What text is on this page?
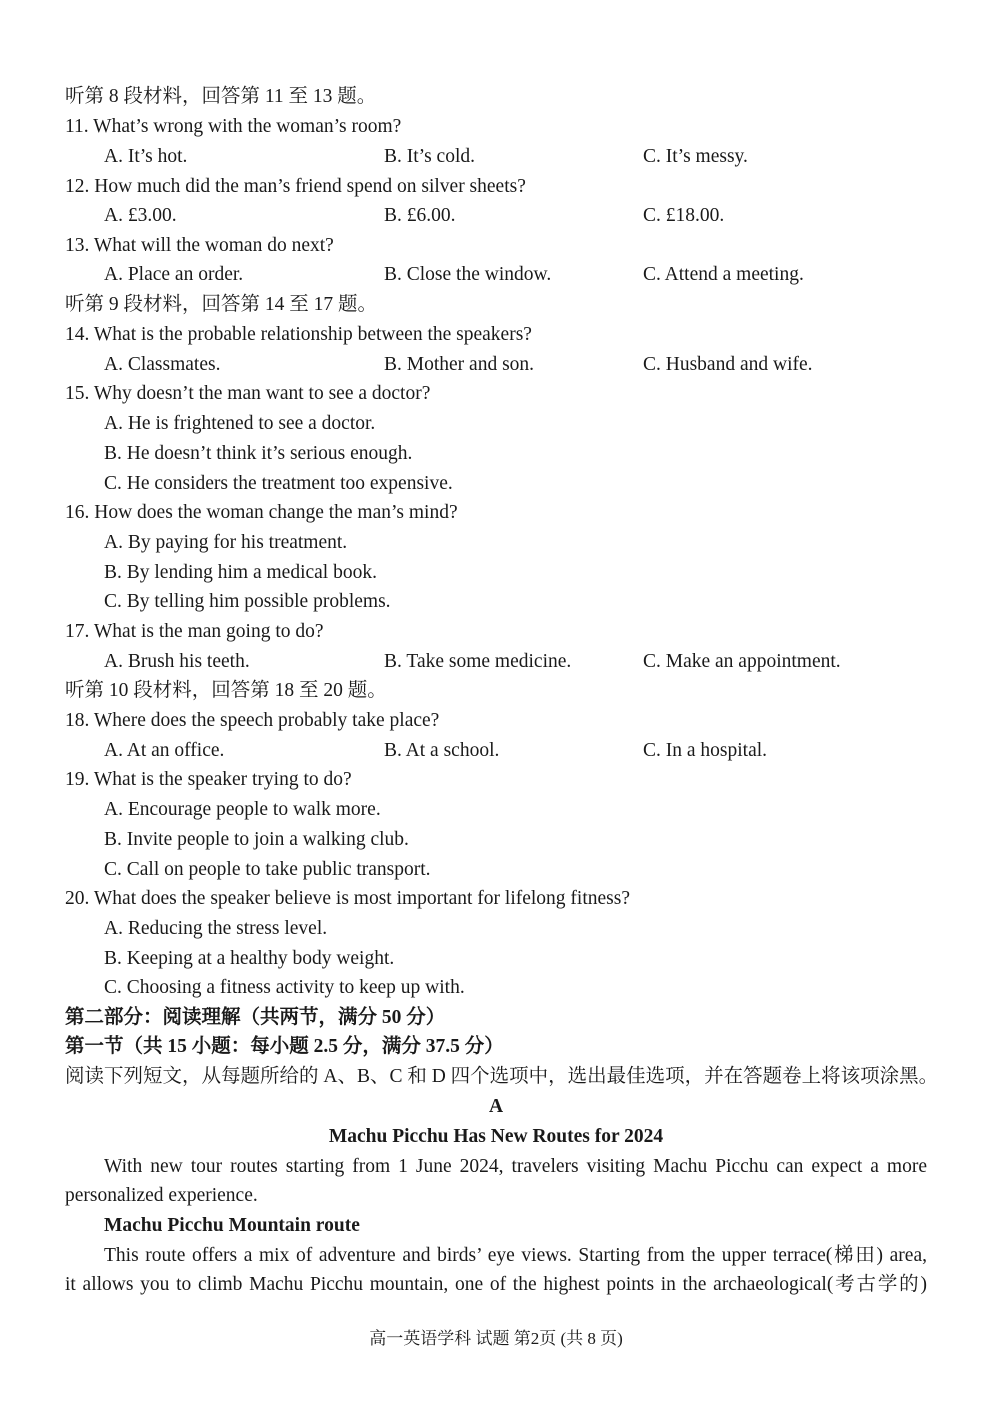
听第 8 段材料，回答第 11 至 13 题。
11. What’s wrong with the woman’s room?
A. It’s hot.	B. It’s cold.	C. It’s messy.
12. How much did the man’s friend spend on silver sheets?
A. £3.00.	B. £6.00.	C. £18.00.
13. What will the woman do next?
A. Place an order.	B. Close the window.	C. Attend a meeting.
听第 9 段材料，回答第 14 至 17 题。
14. What is the probable relationship between the speakers?
A. Classmates.	B. Mother and son.	C. Husband and wife.
15. Why doesn’t the man want to see a doctor?
A. He is frightened to see a doctor.
B. He doesn’t think it’s serious enough.
C. He considers the treatment too expensive.
16. How does the woman change the man’s mind?
A. By paying for his treatment.
B. By lending him a medical book.
C. By telling him possible problems.
17. What is the man going to do?
A. Brush his teeth.	B. Take some medicine.	C. Make an appointment.
听第 10 段材料，回答第 18 至 20 题。
18. Where does the speech probably take place?
A. At an office.	B. At a school.	C. In a hospital.
19. What is the speaker trying to do?
A. Encourage people to walk more.
B. Invite people to join a walking club.
C. Call on people to take public transport.
20. What does the speaker believe is most important for lifelong fitness?
A. Reducing the stress level.
B. Keeping at a healthy body weight.
C. Choosing a fitness activity to keep up with.
第二部分：阅读理解（共两节，满分 50 分）
第一节（共 15 小题：每小题 2.5 分，满分 37.5 分）
阅读下列短文，从每题所给的 A、B、C 和 D 四个选项中，选出最佳选项，并在答题卷上将该项涂黑。
A
Machu Picchu Has New Routes for 2024
With new tour routes starting from 1 June 2024, travelers visiting Machu Picchu can expect a more
personalized experience.
Machu Picchu Mountain route
This route offers a mix of adventure and birds’ eye views. Starting from the upper terrace(梯田) area,
it allows you to climb Machu Picchu mountain, one of the highest points in the archaeological(考古学的)
高一英语学科 试题 第2页 (共 8 页)
